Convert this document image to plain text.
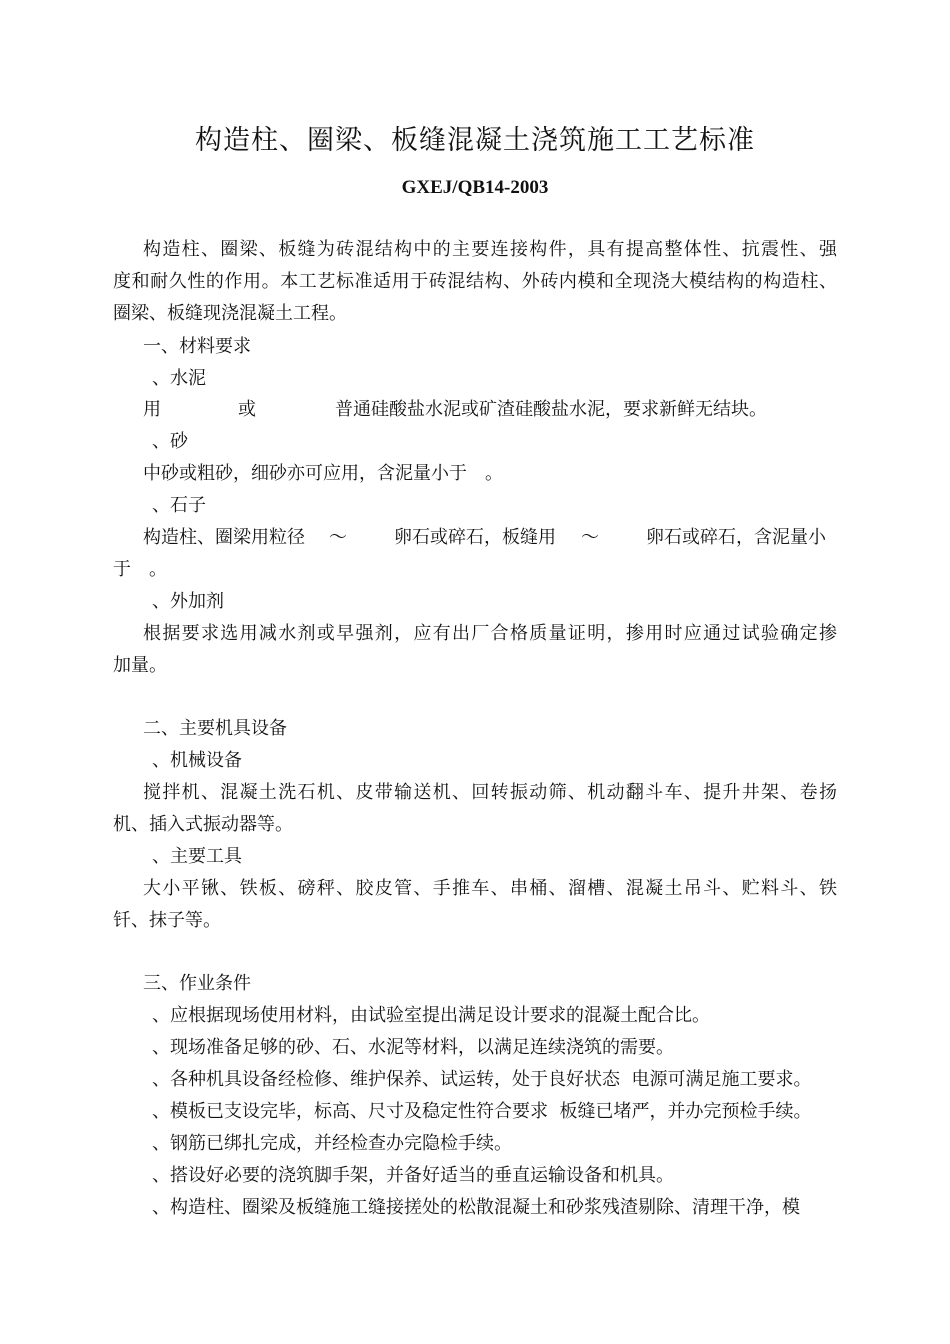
构造柱、圈梁、板缝混凝土浇筑施工工艺标准
GXEJ/QB14-2003
构造柱、圈梁、板缝为砖混结构中的主要连接构件，具有提高整体性、抗震性、强
度和耐久性的作用。本工艺标准适用于砖混结构、外砖内模和全现浇大模结构的构造柱、
圈梁、板缝现浇混凝土工程。
一、材料要求
、水泥
用	或	普通硅酸盐水泥或矿渣硅酸盐水泥，要求新鲜无结块。
、砂
中砂或粗砂，细砂亦可应用，含泥量小于　。
、石子
构造柱、圈梁用粒径 ～	卵石或碎石，板缝用 ～	卵石或碎石，含泥量小
于　。
、外加剂
根据要求选用减水剂或早强剂，应有出厂合格质量证明，掺用时应通过试验确定掺
加量。
二、主要机具设备
、机械设备
搅拌机、混凝土洗石机、皮带输送机、回转振动筛、机动翻斗车、提升井架、卷扬
机、插入式振动器等。
、主要工具
大小平锹、铁板、磅秤、胶皮管、手推车、串桶、溜槽、混凝土吊斗、贮料斗、铁
钎、抹子等。
三、作业条件
、应根据现场使用材料，由试验室提出满足设计要求的混凝土配合比。
、现场准备足够的砂、石、水泥等材料，以满足连续浇筑的需要。
、各种机具设备经检修、维护保养、试运转，处于良好状态  电源可满足施工要求。
、模板已支设完毕，标高、尺寸及稳定性符合要求  板缝已堵严，并办完预检手续。
、钢筋已绑扎完成，并经检查办完隐检手续。
、搭设好必要的浇筑脚手架，并备好适当的垂直运输设备和机具。
、构造柱、圈梁及板缝施工缝接搓处的松散混凝土和砂浆残渣剔除、清理干净，模
